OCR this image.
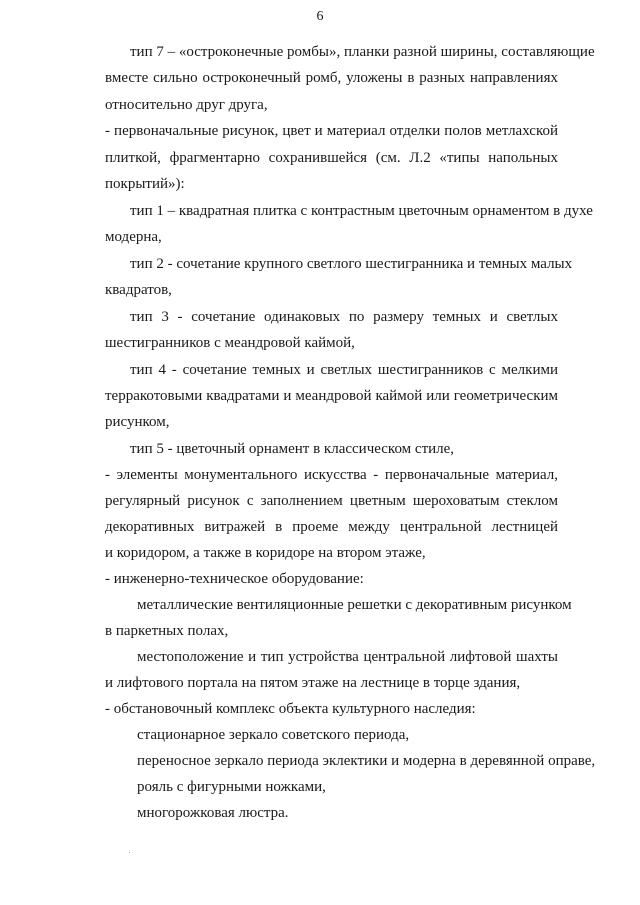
6
тип 7 – «остроконечные ромбы», планки разной ширины, составляющие
вместе сильно остроконечный ромб, уложены в разных направлениях
относительно друг друга,
- первоначальные рисунок, цвет и материал отделки полов метлахской
плиткой, фрагментарно сохранившейся (см. Л.2 «типы напольных
покрытий»):
тип 1 – квадратная плитка с контрастным цветочным орнаментом в духе
модерна,
тип 2 - сочетание крупного светлого шестигранника и темных малых
квадратов,
тип 3 - сочетание одинаковых по размеру темных и светлых
шестигранников с меандровой каймой,
тип 4 - сочетание темных и светлых шестигранников с мелкими
терракотовыми квадратами и меандровой каймой или геометрическим
рисунком,
тип 5 - цветочный орнамент в классическом стиле,
- элементы монументального искусства - первоначальные материал,
регулярный рисунок с заполнением цветным шероховатым стеклом
декоративных витражей в проеме между центральной лестницей
и коридором, а также в коридоре на втором этаже,
- инженерно-техническое оборудование:
металлические вентиляционные решетки с декоративным рисунком
в паркетных полах,
местоположение и тип устройства центральной лифтовой шахты
и лифтового портала на пятом этаже на лестнице в торце здания,
- обстановочный комплекс объекта культурного наследия:
стационарное зеркало советского периода,
переносное зеркало периода эклектики и модерна в деревянной оправе,
рояль с фигурными ножками,
многорожковая люстра.
